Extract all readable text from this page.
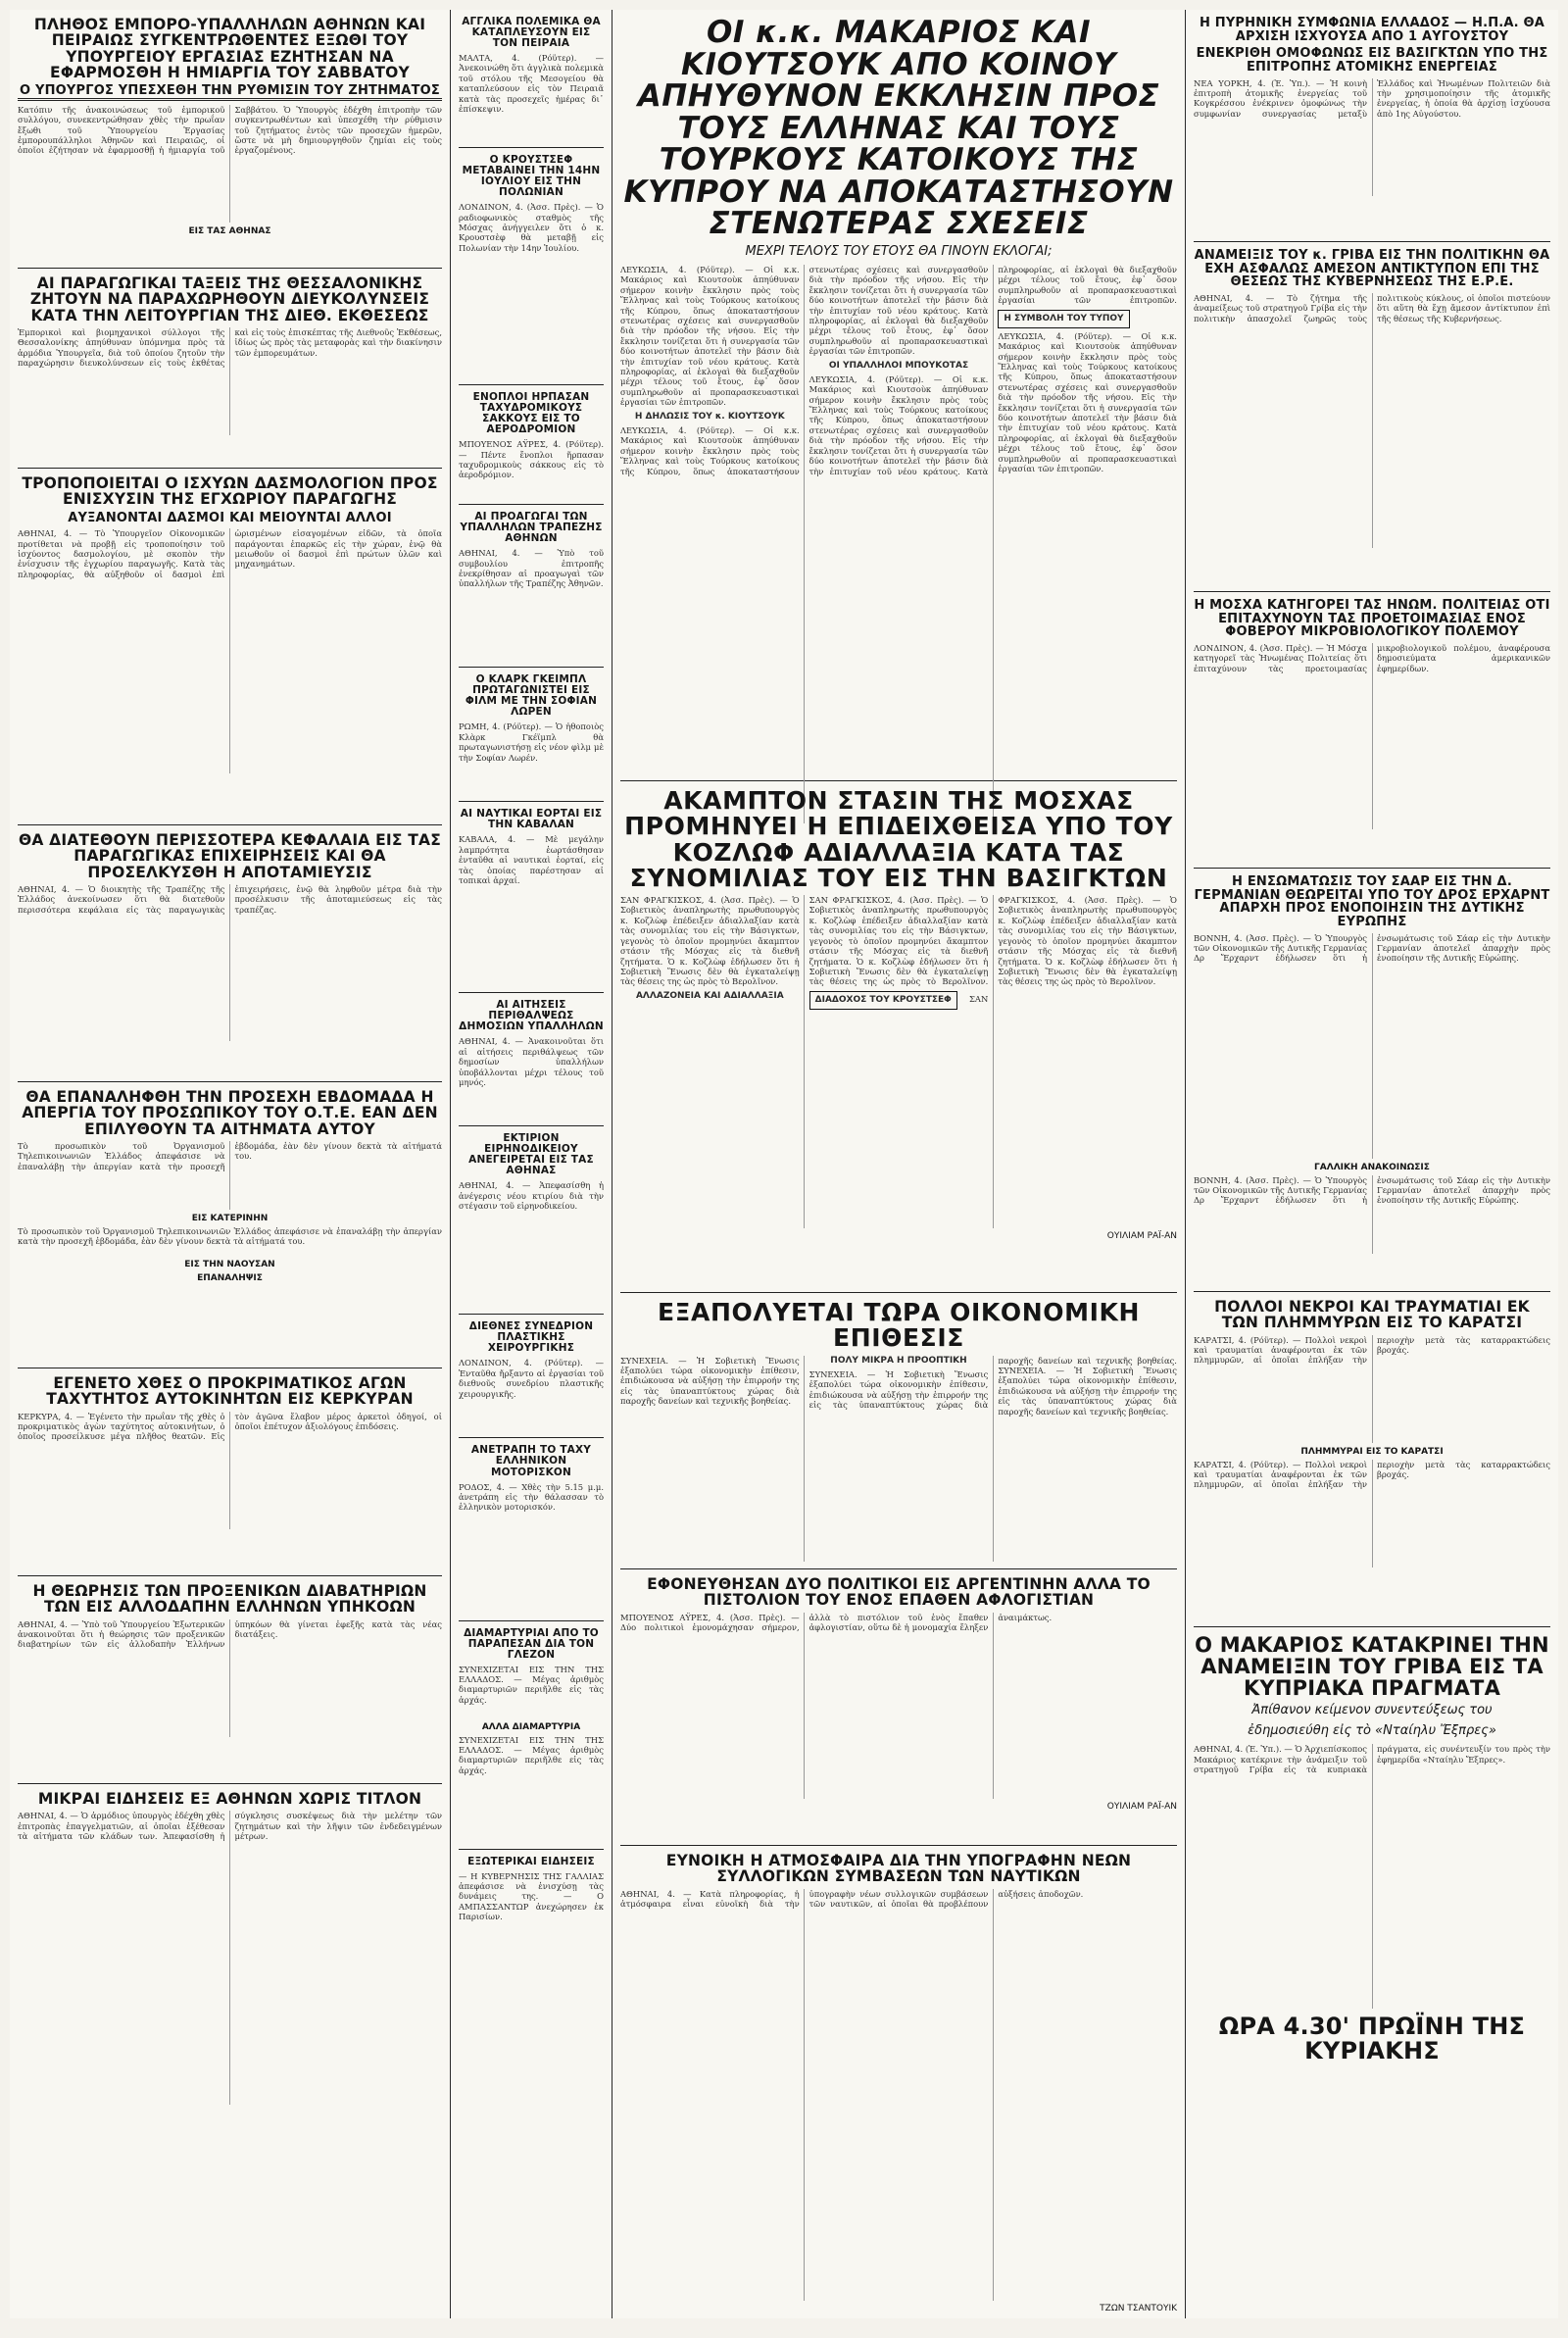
ΠΛΗΘΟΣ ΕΜΠΟΡΟ-ΥΠΑΛΛΗΛΩΝ ΑΘΗΝΩΝ ΚΑΙ ΠΕΙΡΑΙΩΣ ΣΥΓΚΕΝΤΡΩΘΕΝΤΕΣ ΕΞΩΘΙ ΤΟΥ ΥΠΟΥΡΓΕΙΟΥ ΕΡΓΑΣΙΑΣ ΕΖΗΤΗΣΑΝ ΝΑ ΕΦΑΡΜΟΣΘΗ Η ΗΜΙΑΡΓΙΑ ΤΟΥ ΣΑΒΒΑΤΟΥ
Ο ΥΠΟΥΡΓΟΣ ΥΠΕΣΧΕΘΗ ΤΗΝ ΡΥΘΜΙΣΙΝ ΤΟΥ ΖΗΤΗΜΑΤΟΣ
Κατόπιν τῆς ἀνακοινώσεως τοῦ ἐμπορικοῦ συλλόγου, συνεκεντρώθησαν χθὲς τὴν πρωΐαν ἔξωθι τοῦ Ὑπουργείου Ἐργασίας ἐμπορουπάλληλοι Ἀθηνῶν καὶ Πειραιῶς, οἱ ὁποῖοι ἐζήτησαν νὰ ἐφαρμοσθῇ ἡ ἡμιαργία τοῦ Σαββάτου. Ὁ Ὑπουργὸς ἐδέχθη ἐπιτροπὴν τῶν συγκεντρωθέντων καὶ ὑπεσχέθη τὴν ρύθμισιν τοῦ ζητήματος ἐντὸς τῶν προσεχῶν ἡμερῶν, ὥστε νὰ μὴ δημιουργηθοῦν ζημίαι εἰς τοὺς ἐργαζομένους.
ΕΙΣ ΤΑΣ ΑΘΗΝΑΣ
ΑΙ ΠΑΡΑΓΩΓΙΚΑΙ ΤΑΞΕΙΣ ΤΗΣ ΘΕΣΣΑΛΟΝΙΚΗΣ ΖΗΤΟΥΝ ΝΑ ΠΑΡΑΧΩΡΗΘΟΥΝ ΔΙΕΥΚΟΛΥΝΣΕΙΣ ΚΑΤΑ ΤΗΝ ΛΕΙΤΟΥΡΓΙΑΝ ΤΗΣ ΔΙΕΘ. ΕΚΘΕΣΕΩΣ
Ἐμπορικοὶ καὶ βιομηχανικοὶ σύλλογοι τῆς Θεσσαλονίκης ἀπηύθυναν ὑπόμνημα πρὸς τὰ ἁρμόδια Ὑπουργεῖα, διὰ τοῦ ὁποίου ζητοῦν τὴν παραχώρησιν διευκολύνσεων εἰς τοὺς ἐκθέτας καὶ εἰς τοὺς ἐπισκέπτας τῆς Διεθνοῦς Ἐκθέσεως, ἰδίως ὡς πρὸς τὰς μεταφορὰς καὶ τὴν διακίνησιν τῶν ἐμπορευμάτων.
ΤΡΟΠΟΠΟΙΕΙΤΑΙ Ο ΙΣΧΥΩΝ ΔΑΣΜΟΛΟΓΙΟΝ ΠΡΟΣ ΕΝΙΣΧΥΣΙΝ ΤΗΣ ΕΓΧΩΡΙΟΥ ΠΑΡΑΓΩΓΗΣ
ΑΥΞΑΝΟΝΤΑΙ ΔΑΣΜΟΙ ΚΑΙ ΜΕΙΟΥΝΤΑΙ ΑΛΛΟΙ
ΑΘΗΝΑΙ, 4. — Τὸ Ὑπουργεῖον Οἰκονομικῶν προτίθεται νὰ προβῇ εἰς τροποποίησιν τοῦ ἰσχύοντος δασμολογίου, μὲ σκοπὸν τὴν ἐνίσχυσιν τῆς ἐγχωρίου παραγωγῆς. Κατὰ τὰς πληροφορίας, θὰ αὐξηθοῦν οἱ δασμοὶ ἐπὶ ὡρισμένων εἰσαγομένων εἰδῶν, τὰ ὁποῖα παράγονται ἐπαρκῶς εἰς τὴν χώραν, ἐνῷ θὰ μειωθοῦν οἱ δασμοὶ ἐπὶ πρώτων ὑλῶν καὶ μηχανημάτων.
ΘΑ ΔΙΑΤΕΘΟΥΝ ΠΕΡΙΣΣΟΤΕΡΑ ΚΕΦΑΛΑΙΑ ΕΙΣ ΤΑΣ ΠΑΡΑΓΩΓΙΚΑΣ ΕΠΙΧΕΙΡΗΣΕΙΣ ΚΑΙ ΘΑ ΠΡΟΣΕΛΚΥΣΘΗ Η ΑΠΟΤΑΜΙΕΥΣΙΣ
ΑΘΗΝΑΙ, 4. — Ὁ διοικητὴς τῆς Τραπέζης τῆς Ἑλλάδος ἀνεκοίνωσεν ὅτι θὰ διατεθοῦν περισσότερα κεφάλαια εἰς τὰς παραγωγικὰς ἐπιχειρήσεις, ἐνῷ θὰ ληφθοῦν μέτρα διὰ τὴν προσέλκυσιν τῆς ἀποταμιεύσεως εἰς τὰς τραπέζας.
ΘΑ ΕΠΑΝΑΛΗΦΘΗ ΤΗΝ ΠΡΟΣΕΧΗ ΕΒΔΟΜΑΔΑ Η ΑΠΕΡΓΙΑ ΤΟΥ ΠΡΟΣΩΠΙΚΟΥ ΤΟΥ Ο.Τ.Ε. ΕΑΝ ΔΕΝ ΕΠΙΛΥΘΟΥΝ ΤΑ ΑΙΤΗΜΑΤΑ ΑΥΤΟΥ
Τὸ προσωπικὸν τοῦ Ὀργανισμοῦ Τηλεπικοινωνιῶν Ἑλλάδος ἀπεφάσισε νὰ ἐπαναλάβῃ τὴν ἀπεργίαν κατὰ τὴν προσεχῆ ἑβδομάδα, ἐὰν δὲν γίνουν δεκτὰ τὰ αἰτήματά του.
ΕΙΣ ΚΑΤΕΡΙΝΗΝ
Τὸ προσωπικὸν τοῦ Ὀργανισμοῦ Τηλεπικοινωνιῶν Ἑλλάδος ἀπεφάσισε νὰ ἐπαναλάβῃ τὴν ἀπεργίαν κατὰ τὴν προσεχῆ ἑβδομάδα, ἐὰν δὲν γίνουν δεκτὰ τὰ αἰτήματά του.
ΕΙΣ ΤΗΝ ΝΑΟΥΣΑΝ
ΕΠΑΝΑΛΗΨΙΣ
ΕΓΕΝΕΤΟ ΧΘΕΣ Ο ΠΡΟΚΡΙΜΑΤΙΚΟΣ ΑΓΩΝ ΤΑΧΥΤΗΤΟΣ ΑΥΤΟΚΙΝΗΤΩΝ ΕΙΣ ΚΕΡΚΥΡΑΝ
ΚΕΡΚΥΡΑ, 4. — Ἐγένετο τὴν πρωΐαν τῆς χθὲς ὁ προκριματικὸς ἀγὼν ταχύτητος αὐτοκινήτων, ὁ ὁποῖος προσείλκυσε μέγα πλῆθος θεατῶν. Εἰς τὸν ἀγῶνα ἔλαβον μέρος ἀρκετοὶ ὁδηγοί, οἱ ὁποῖοι ἐπέτυχον ἀξιολόγους ἐπιδόσεις.
Η ΘΕΩΡΗΣΙΣ ΤΩΝ ΠΡΟΞΕΝΙΚΩΝ ΔΙΑΒΑΤΗΡΙΩΝ ΤΩΝ ΕΙΣ ΑΛΛΟΔΑΠΗΝ ΕΛΛΗΝΩΝ ΥΠΗΚΟΩΝ
ΑΘΗΝΑΙ, 4. — Ὑπὸ τοῦ Ὑπουργείου Ἐξωτερικῶν ἀνακοινοῦται ὅτι ἡ θεώρησις τῶν προξενικῶν διαβατηρίων τῶν εἰς ἀλλοδαπὴν Ἑλλήνων ὑπηκόων θὰ γίνεται ἐφεξῆς κατὰ τὰς νέας διατάξεις.
ΜΙΚΡΑΙ ΕΙΔΗΣΕΙΣ ΕΞ ΑΘΗΝΩΝ ΧΩΡΙΣ ΤΙΤΛΟΝ
ΑΘΗΝΑΙ, 4. — Ὁ ἀρμόδιος ὑπουργὸς ἐδέχθη χθὲς ἐπιτροπὰς ἐπαγγελματιῶν, αἱ ὁποῖαι ἐξέθεσαν τὰ αἰτήματα τῶν κλάδων των. Ἀπεφασίσθη ἡ σύγκλησις συσκέψεως διὰ τὴν μελέτην τῶν ζητημάτων καὶ τὴν λῆψιν τῶν ἐνδεδειγμένων μέτρων.
ΑΓΓΛΙΚΑ ΠΟΛΕΜΙΚΑ ΘΑ ΚΑΤΑΠΛΕΥΣΟΥΝ ΕΙΣ ΤΟΝ ΠΕΙΡΑΙΑ
ΜΑΛΤΑ, 4. (Ρόϋτερ). — Ἀνεκοινώθη ὅτι ἀγγλικὰ πολεμικὰ τοῦ στόλου τῆς Μεσογείου θὰ καταπλεύσουν εἰς τὸν Πειραιᾶ κατὰ τὰς προσεχεῖς ἡμέρας δι᾽ ἐπίσκεψιν.
Ο ΚΡΟΥΣΤΣΕΦ ΜΕΤΑΒΑΙΝΕΙ ΤΗΝ 14ΗΝ ΙΟΥΛΙΟΥ ΕΙΣ ΤΗΝ ΠΟΛΩΝΙΑΝ
ΛΟΝΔΙΝΟΝ, 4. (Ἀσσ. Πρὲς). — Ὁ ραδιοφωνικὸς σταθμὸς τῆς Μόσχας ἀνήγγειλεν ὅτι ὁ κ. Κρουστσὲφ θὰ μεταβῇ εἰς Πολωνίαν τὴν 14ην Ἰουλίου.
ΕΝΟΠΛΟΙ ΗΡΠΑΣΑΝ ΤΑΧΥΔΡΟΜΙΚΟΥΣ ΣΑΚΚΟΥΣ ΕΙΣ ΤΟ ΑΕΡΟΔΡΟΜΙΟΝ
ΜΠΟΥΕΝΟΣ ΑΫΡΕΣ, 4. (Ρόϋτερ). — Πέντε ἔνοπλοι ἥρπασαν ταχυδρομικοὺς σάκκους εἰς τὸ ἀεροδρόμιον.
ΑΙ ΠΡΟΑΓΩΓΑΙ ΤΩΝ ΥΠΑΛΛΗΛΩΝ ΤΡΑΠΕΖΗΣ ΑΘΗΝΩΝ
ΑΘΗΝΑΙ, 4. — Ὑπὸ τοῦ συμβουλίου ἐπιτροπῆς ἐνεκρίθησαν αἱ προαγωγαὶ τῶν ὑπαλλήλων τῆς Τραπέζης Ἀθηνῶν.
Ο ΚΛΑΡΚ ΓΚΕΙΜΠΛ ΠΡΩΤΑΓΩΝΙΣΤΕΙ ΕΙΣ ΦΙΛΜ ΜΕ ΤΗΝ ΣΟΦΙΑΝ ΛΩΡΕΝ
ΡΩΜΗ, 4. (Ρόϋτερ). — Ὁ ἠθοποιὸς Κλὰρκ Γκέϊμπλ θὰ πρωταγωνιστήσῃ εἰς νέον φὶλμ μὲ τὴν Σοφίαν Λωρέν.
ΑΙ ΝΑΥΤΙΚΑΙ ΕΟΡΤΑΙ ΕΙΣ ΤΗΝ ΚΑΒΑΛΑΝ
ΚΑΒΑΛΑ, 4. — Μὲ μεγάλην λαμπρότητα ἑωρτάσθησαν ἐνταῦθα αἱ ναυτικαὶ ἑορταί, εἰς τὰς ὁποίας παρέστησαν αἱ τοπικαὶ ἀρχαί.
ΑΙ ΑΙΤΗΣΕΙΣ ΠΕΡΙΘΑΛΨΕΩΣ ΔΗΜΟΣΙΩΝ ΥΠΑΛΛΗΛΩΝ
ΑΘΗΝΑΙ, 4. — Ἀνακοινοῦται ὅτι αἱ αἰτήσεις περιθάλψεως τῶν δημοσίων ὑπαλλήλων ὑποβάλλονται μέχρι τέλους τοῦ μηνός.
ΕΚΤΙΡΙΟΝ ΕΙΡΗΝΟΔΙΚΕΙΟΥ ΑΝΕΓΕΙΡΕΤΑΙ ΕΙΣ ΤΑΣ ΑΘΗΝΑΣ
ΑΘΗΝΑΙ, 4. — Ἀπεφασίσθη ἡ ἀνέγερσις νέου κτιρίου διὰ τὴν στέγασιν τοῦ εἰρηνοδικείου.
ΔΙΕΘΝΕΣ ΣΥΝΕΔΡΙΟΝ ΠΛΑΣΤΙΚΗΣ ΧΕΙΡΟΥΡΓΙΚΗΣ
ΛΟΝΔΙΝΟΝ, 4. (Ρόϋτερ). — Ἐνταῦθα ἤρξαντο αἱ ἐργασίαι τοῦ διεθνοῦς συνεδρίου πλαστικῆς χειρουργικῆς.
ΑΝΕΤΡΑΠΗ ΤΟ ΤΑΧΥ ΕΛΛΗΝΙΚΟΝ ΜΟΤΟΡΙΣΚΟΝ
ΡΟΔΟΣ, 4. — Χθὲς τὴν 5.15 μ.μ. ἀνετράπη εἰς τὴν θάλασσαν τὸ ἑλληνικὸν μοτορισκόν.
ΔΙΑΜΑΡΤΥΡΙΑΙ ΑΠΟ ΤΟ ΠΑΡΑΠΕΣΑΝ ΔΙΑ ΤΟΝ ΓΛΕΖΟΝ
ΣΥΝΕΧΙΖΕΤΑΙ ΕΙΣ ΤΗΝ ΤΗΣ ΕΛΛΑΔΟΣ. — Μέγας ἀριθμὸς διαμαρτυριῶν περιῆλθε εἰς τὰς ἀρχάς.
ΑΛΛΑ ΔΙΑΜΑΡΤΥΡΙΑ
ΣΥΝΕΧΙΖΕΤΑΙ ΕΙΣ ΤΗΝ ΤΗΣ ΕΛΛΑΔΟΣ. — Μέγας ἀριθμὸς διαμαρτυριῶν περιῆλθε εἰς τὰς ἀρχάς.
ΕΞΩΤΕΡΙΚΑΙ ΕΙΔΗΣΕΙΣ
— Η ΚΥΒΕΡΝΗΣΙΣ ΤΗΣ ΓΑΛΛΙΑΣ ἀπεφάσισε νὰ ἐνισχύσῃ τὰς δυνάμεις της. — Ο ΑΜΠΑΣΣΑΝΤΩΡ ἀνεχώρησεν ἐκ Παρισίων.
ΟΙ κ.κ. ΜΑΚΑΡΙΟΣ ΚΑΙ ΚΙΟΥΤΣΟΥΚ ΑΠΟ ΚΟΙΝΟΥ ΑΠΗΥΘΥΝΟΝ ΕΚΚΛΗΣΙΝ ΠΡΟΣ ΤΟΥΣ ΕΛΛΗΝΑΣ ΚΑΙ ΤΟΥΣ ΤΟΥΡΚΟΥΣ ΚΑΤΟΙΚΟΥΣ ΤΗΣ ΚΥΠΡΟΥ ΝΑ ΑΠΟΚΑΤΑΣΤΗΣΟΥΝ ΣΤΕΝΩΤΕΡΑΣ ΣΧΕΣΕΙΣ
ΜΕΧΡΙ ΤΕΛΟΥΣ ΤΟΥ ΕΤΟΥΣ ΘΑ ΓΙΝΟΥΝ ΕΚΛΟΓΑΙ;
ΛΕΥΚΩΣΙΑ, 4. (Ρόϋτερ). — Οἱ κ.κ. Μακάριος καὶ Κιουτσοὺκ ἀπηύθυναν σήμερον κοινὴν ἔκκλησιν πρὸς τοὺς Ἕλληνας καὶ τοὺς Τούρκους κατοίκους τῆς Κύπρου, ὅπως ἀποκαταστήσουν στενωτέρας σχέσεις καὶ συνεργασθοῦν διὰ τὴν πρόοδον τῆς νήσου. Εἰς τὴν ἔκκλησιν τονίζεται ὅτι ἡ συνεργασία τῶν δύο κοινοτήτων ἀποτελεῖ τὴν βάσιν διὰ τὴν ἐπιτυχίαν τοῦ νέου κράτους. Κατὰ πληροφορίας, αἱ ἐκλογαὶ θὰ διεξαχθοῦν μέχρι τέλους τοῦ ἔτους, ἐφ᾽ ὅσον συμπληρωθοῦν αἱ προπαρασκευαστικαὶ ἐργασίαι τῶν ἐπιτροπῶν.
Η ΔΗΛΩΣΙΣ ΤΟΥ κ. ΚΙΟΥΤΣΟΥΚ
ΛΕΥΚΩΣΙΑ, 4. (Ρόϋτερ). — Οἱ κ.κ. Μακάριος καὶ Κιουτσοὺκ ἀπηύθυναν σήμερον κοινὴν ἔκκλησιν πρὸς τοὺς Ἕλληνας καὶ τοὺς Τούρκους κατοίκους τῆς Κύπρου, ὅπως ἀποκαταστήσουν στενωτέρας σχέσεις καὶ συνεργασθοῦν διὰ τὴν πρόοδον τῆς νήσου. Εἰς τὴν ἔκκλησιν τονίζεται ὅτι ἡ συνεργασία τῶν δύο κοινοτήτων ἀποτελεῖ τὴν βάσιν διὰ τὴν ἐπιτυχίαν τοῦ νέου κράτους. Κατὰ πληροφορίας, αἱ ἐκλογαὶ θὰ διεξαχθοῦν μέχρι τέλους τοῦ ἔτους, ἐφ᾽ ὅσον συμπληρωθοῦν αἱ προπαρασκευαστικαὶ ἐργασίαι τῶν ἐπιτροπῶν.
ΟΙ ΥΠΑΛΛΗΛΟΙ ΜΠΟΥΚΟΤΑΣ
ΛΕΥΚΩΣΙΑ, 4. (Ρόϋτερ). — Οἱ κ.κ. Μακάριος καὶ Κιουτσοὺκ ἀπηύθυναν σήμερον κοινὴν ἔκκλησιν πρὸς τοὺς Ἕλληνας καὶ τοὺς Τούρκους κατοίκους τῆς Κύπρου, ὅπως ἀποκαταστήσουν στενωτέρας σχέσεις καὶ συνεργασθοῦν διὰ τὴν πρόοδον τῆς νήσου. Εἰς τὴν ἔκκλησιν τονίζεται ὅτι ἡ συνεργασία τῶν δύο κοινοτήτων ἀποτελεῖ τὴν βάσιν διὰ τὴν ἐπιτυχίαν τοῦ νέου κράτους. Κατὰ πληροφορίας, αἱ ἐκλογαὶ θὰ διεξαχθοῦν μέχρι τέλους τοῦ ἔτους, ἐφ᾽ ὅσον συμπληρωθοῦν αἱ προπαρασκευαστικαὶ ἐργασίαι τῶν ἐπιτροπῶν. Η ΣΥΜΒΟΛΗ ΤΟΥ ΤΥΠΟΥ ΛΕΥΚΩΣΙΑ, 4. (Ρόϋτερ). — Οἱ κ.κ. Μακάριος καὶ Κιουτσοὺκ ἀπηύθυναν σήμερον κοινὴν ἔκκλησιν πρὸς τοὺς Ἕλληνας καὶ τοὺς Τούρκους κατοίκους τῆς Κύπρου, ὅπως ἀποκαταστήσουν στενωτέρας σχέσεις καὶ συνεργασθοῦν διὰ τὴν πρόοδον τῆς νήσου. Εἰς τὴν ἔκκλησιν τονίζεται ὅτι ἡ συνεργασία τῶν δύο κοινοτήτων ἀποτελεῖ τὴν βάσιν διὰ τὴν ἐπιτυχίαν τοῦ νέου κράτους. Κατὰ πληροφορίας, αἱ ἐκλογαὶ θὰ διεξαχθοῦν μέχρι τέλους τοῦ ἔτους, ἐφ᾽ ὅσον συμπληρωθοῦν αἱ προπαρασκευαστικαὶ ἐργασίαι τῶν ἐπιτροπῶν.
ΑΚΑΜΠΤΟΝ ΣΤΑΣΙΝ ΤΗΣ ΜΟΣΧΑΣ ΠΡΟΜΗΝΥΕΙ Η ΕΠΙΔΕΙΧΘΕΙΣΑ ΥΠΟ ΤΟΥ ΚΟΖΛΩΦ ΑΔΙΑΛΛΑΞΙΑ ΚΑΤΑ ΤΑΣ ΣΥΝΟΜΙΛΙΑΣ ΤΟΥ ΕΙΣ ΤΗΝ ΒΑΣΙΓΚΤΩΝ
ΣΑΝ ΦΡΑΓΚΙΣΚΟΣ, 4. (Ἀσσ. Πρὲς). — Ὁ Σοβιετικὸς ἀναπληρωτὴς πρωθυπουργὸς κ. Κοζλὼφ ἐπέδειξεν ἀδιαλλαξίαν κατὰ τὰς συνομιλίας του εἰς τὴν Βάσιγκτων, γεγονὸς τὸ ὁποῖον προμηνύει ἄκαμπτον στάσιν τῆς Μόσχας εἰς τὰ διεθνῆ ζητήματα. Ὁ κ. Κοζλὼφ ἐδήλωσεν ὅτι ἡ Σοβιετικὴ Ἕνωσις δὲν θὰ ἐγκαταλείψῃ τὰς θέσεις της ὡς πρὸς τὸ Βερολῖνον.
ΑΛΛΑΖΟΝΕΙΑ ΚΑΙ ΑΔΙΑΛΛΑΞΙΑ
ΣΑΝ ΦΡΑΓΚΙΣΚΟΣ, 4. (Ἀσσ. Πρὲς). — Ὁ Σοβιετικὸς ἀναπληρωτὴς πρωθυπουργὸς κ. Κοζλὼφ ἐπέδειξεν ἀδιαλλαξίαν κατὰ τὰς συνομιλίας του εἰς τὴν Βάσιγκτων, γεγονὸς τὸ ὁποῖον προμηνύει ἄκαμπτον στάσιν τῆς Μόσχας εἰς τὰ διεθνῆ ζητήματα. Ὁ κ. Κοζλὼφ ἐδήλωσεν ὅτι ἡ Σοβιετικὴ Ἕνωσις δὲν θὰ ἐγκαταλείψῃ τὰς θέσεις της ὡς πρὸς τὸ Βερολῖνον. ΔΙΑΔΟΧΟΣ ΤΟΥ ΚΡΟΥΣΤΣΕΦ ΣΑΝ ΦΡΑΓΚΙΣΚΟΣ, 4. (Ἀσσ. Πρὲς). — Ὁ Σοβιετικὸς ἀναπληρωτὴς πρωθυπουργὸς κ. Κοζλὼφ ἐπέδειξεν ἀδιαλλαξίαν κατὰ τὰς συνομιλίας του εἰς τὴν Βάσιγκτων, γεγονὸς τὸ ὁποῖον προμηνύει ἄκαμπτον στάσιν τῆς Μόσχας εἰς τὰ διεθνῆ ζητήματα. Ὁ κ. Κοζλὼφ ἐδήλωσεν ὅτι ἡ Σοβιετικὴ Ἕνωσις δὲν θὰ ἐγκαταλείψῃ τὰς θέσεις της ὡς πρὸς τὸ Βερολῖνον.
ΟΥΙΛΙΑΜ ΡΑΪ-ΑΝ
ΕΞΑΠΟΛΥΕΤΑΙ ΤΩΡΑ ΟΙΚΟΝΟΜΙΚΗ ΕΠΙΘΕΣΙΣ
ΣΥΝΕΧΕΙΑ. — Ἡ Σοβιετικὴ Ἕνωσις ἐξαπολύει τώρα οἰκονομικὴν ἐπίθεσιν, ἐπιδιώκουσα νὰ αὐξήσῃ τὴν ἐπιρροήν της εἰς τὰς ὑπαναπτύκτους χώρας διὰ παροχῆς δανείων καὶ τεχνικῆς βοηθείας.
ΠΟΛΥ ΜΙΚΡΑ Η ΠΡΟΟΠΤΙΚΗ
ΣΥΝΕΧΕΙΑ. — Ἡ Σοβιετικὴ Ἕνωσις ἐξαπολύει τώρα οἰκονομικὴν ἐπίθεσιν, ἐπιδιώκουσα νὰ αὐξήσῃ τὴν ἐπιρροήν της εἰς τὰς ὑπαναπτύκτους χώρας διὰ παροχῆς δανείων καὶ τεχνικῆς βοηθείας. ΣΥΝΕΧΕΙΑ. — Ἡ Σοβιετικὴ Ἕνωσις ἐξαπολύει τώρα οἰκονομικὴν ἐπίθεσιν, ἐπιδιώκουσα νὰ αὐξήσῃ τὴν ἐπιρροήν της εἰς τὰς ὑπαναπτύκτους χώρας διὰ παροχῆς δανείων καὶ τεχνικῆς βοηθείας.
ΕΦΟΝΕΥΘΗΣΑΝ ΔΥΟ ΠΟΛΙΤΙΚΟΙ ΕΙΣ ΑΡΓΕΝΤΙΝΗΝ ΑΛΛΑ ΤΟ ΠΙΣΤΟΛΙΟΝ ΤΟΥ ΕΝΟΣ ΕΠΑΘΕΝ ΑΦΛΟΓΙΣΤΙΑΝ
ΜΠΟΥΕΝΟΣ ΑΫΡΕΣ, 4. (Ἀσσ. Πρὲς). — Δύο πολιτικοὶ ἐμονομάχησαν σήμερον, ἀλλὰ τὸ πιστόλιον τοῦ ἑνὸς ἔπαθεν ἀφλογιστίαν, οὕτω δὲ ἡ μονομαχία ἔληξεν ἀναιμάκτως.
ΟΥΙΛΙΑΜ ΡΑΪ-ΑΝ
ΕΥΝΟΙΚΗ Η ΑΤΜΟΣΦΑΙΡΑ ΔΙΑ ΤΗΝ ΥΠΟΓΡΑΦΗΝ ΝΕΩΝ ΣΥΛΛΟΓΙΚΩΝ ΣΥΜΒΑΣΕΩΝ ΤΩΝ ΝΑΥΤΙΚΩΝ
ΑΘΗΝΑΙ, 4. — Κατὰ πληροφορίας, ἡ ἀτμόσφαιρα εἶναι εὐνοϊκὴ διὰ τὴν ὑπογραφὴν νέων συλλογικῶν συμβάσεων τῶν ναυτικῶν, αἱ ὁποῖαι θὰ προβλέπουν αὐξήσεις ἀποδοχῶν.
ΤΖΩΝ ΤΣΑΝΤΟΥΙΚ
Η ΠΥΡΗΝΙΚΗ ΣΥΜΦΩΝΙΑ ΕΛΛΑΔΟΣ — Η.Π.Α. ΘΑ ΑΡΧΙΣΗ ΙΣΧΥΟΥΣΑ ΑΠΟ 1 ΑΥΓΟΥΣΤΟΥ
ΕΝΕΚΡΙΘΗ ΟΜΟΦΩΝΩΣ ΕΙΣ ΒΑΣΙΓΚΤΩΝ ΥΠΟ ΤΗΣ ΕΠΙΤΡΟΠΗΣ ΑΤΟΜΙΚΗΣ ΕΝΕΡΓΕΙΑΣ
ΝΕΑ ΥΟΡΚΗ, 4. (Ἑ. Ὑπ.). — Ἡ κοινὴ ἐπιτροπὴ ἀτομικῆς ἐνεργείας τοῦ Κογκρέσσου ἐνέκρινεν ὁμοφώνως τὴν συμφωνίαν συνεργασίας μεταξὺ Ἑλλάδος καὶ Ἡνωμένων Πολιτειῶν διὰ τὴν χρησιμοποίησιν τῆς ἀτομικῆς ἐνεργείας, ἡ ὁποία θὰ ἀρχίσῃ ἰσχύουσα ἀπὸ 1ης Αὐγούστου.
ΑΝΑΜΕΙΞΙΣ ΤΟΥ κ. ΓΡΙΒΑ ΕΙΣ ΤΗΝ ΠΟΛΙΤΙΚΗΝ ΘΑ ΕΧΗ ΑΣΦΑΛΩΣ ΑΜΕΣΟΝ ΑΝΤΙΚΤΥΠΟΝ ΕΠΙ ΤΗΣ ΘΕΣΕΩΣ ΤΗΣ ΚΥΒΕΡΝΗΣΕΩΣ ΤΗΣ Ε.Ρ.Ε.
ΑΘΗΝΑΙ, 4. — Τὸ ζήτημα τῆς ἀναμείξεως τοῦ στρατηγοῦ Γρίβα εἰς τὴν πολιτικὴν ἀπασχολεῖ ζωηρῶς τοὺς πολιτικοὺς κύκλους, οἱ ὁποῖοι πιστεύουν ὅτι αὕτη θὰ ἔχῃ ἄμεσον ἀντίκτυπον ἐπὶ τῆς θέσεως τῆς Κυβερνήσεως.
Η ΜΟΣΧΑ ΚΑΤΗΓΟΡΕΙ ΤΑΣ ΗΝΩΜ. ΠΟΛΙΤΕΙΑΣ ΟΤΙ ΕΠΙΤΑΧΥΝΟΥΝ ΤΑΣ ΠΡΟΕΤΟΙΜΑΣΙΑΣ ΕΝΟΣ ΦΟΒΕΡΟΥ ΜΙΚΡΟΒΙΟΛΟΓΙΚΟΥ ΠΟΛΕΜΟΥ
ΛΟΝΔΙΝΟΝ, 4. (Ἀσσ. Πρὲς). — Ἡ Μόσχα κατηγορεῖ τὰς Ἡνωμένας Πολιτείας ὅτι ἐπιταχύνουν τὰς προετοιμασίας μικροβιολογικοῦ πολέμου, ἀναφέρουσα δημοσιεύματα ἀμερικανικῶν ἐφημερίδων.
Η ΕΝΣΩΜΑΤΩΣΙΣ ΤΟΥ ΣΑΑΡ ΕΙΣ ΤΗΝ Δ. ΓΕΡΜΑΝΙΑΝ ΘΕΩΡΕΙΤΑΙ ΥΠΟ ΤΟΥ ΔΡΟΣ ΕΡΧΑΡΝΤ ΑΠΑΡΧΗ ΠΡΟΣ ΕΝΟΠΟΙΗΣΙΝ ΤΗΣ ΔΥΤΙΚΗΣ ΕΥΡΩΠΗΣ
ΒΟΝΝΗ, 4. (Ἀσσ. Πρὲς). — Ὁ Ὑπουργὸς τῶν Οἰκονομικῶν τῆς Δυτικῆς Γερμανίας Δρ Ἔρχαρντ ἐδήλωσεν ὅτι ἡ ἐνσωμάτωσις τοῦ Σάαρ εἰς τὴν Δυτικὴν Γερμανίαν ἀποτελεῖ ἀπαρχὴν πρὸς ἑνοποίησιν τῆς Δυτικῆς Εὐρώπης.
ΓΑΛΛΙΚΗ ΑΝΑΚΟΙΝΩΣΙΣ
ΒΟΝΝΗ, 4. (Ἀσσ. Πρὲς). — Ὁ Ὑπουργὸς τῶν Οἰκονομικῶν τῆς Δυτικῆς Γερμανίας Δρ Ἔρχαρντ ἐδήλωσεν ὅτι ἡ ἐνσωμάτωσις τοῦ Σάαρ εἰς τὴν Δυτικὴν Γερμανίαν ἀποτελεῖ ἀπαρχὴν πρὸς ἑνοποίησιν τῆς Δυτικῆς Εὐρώπης.
ΠΟΛΛΟΙ ΝΕΚΡΟΙ ΚΑΙ ΤΡΑΥΜΑΤΙΑΙ ΕΚ ΤΩΝ ΠΛΗΜΜΥΡΩΝ ΕΙΣ ΤΟ ΚΑΡΑΤΣΙ
ΚΑΡΑΤΣΙ, 4. (Ρόϋτερ). — Πολλοὶ νεκροὶ καὶ τραυματίαι ἀναφέρονται ἐκ τῶν πλημμυρῶν, αἱ ὁποῖαι ἐπλήξαν τὴν περιοχὴν μετὰ τὰς καταρρακτώδεις βροχάς.
ΠΛΗΜΜΥΡΑΙ ΕΙΣ ΤΟ ΚΑΡΑΤΣΙ
ΚΑΡΑΤΣΙ, 4. (Ρόϋτερ). — Πολλοὶ νεκροὶ καὶ τραυματίαι ἀναφέρονται ἐκ τῶν πλημμυρῶν, αἱ ὁποῖαι ἐπλήξαν τὴν περιοχὴν μετὰ τὰς καταρρακτώδεις βροχάς.
Ο ΜΑΚΑΡΙΟΣ ΚΑΤΑΚΡΙΝΕΙ ΤΗΝ ΑΝΑΜΕΙΞΙΝ ΤΟΥ ΓΡΙΒΑ ΕΙΣ ΤΑ ΚΥΠΡΙΑΚΑ ΠΡΑΓΜΑΤΑ
Ἀπίθανον κείμενον συνεντεύξεως του
ἐδημοσιεύθη εἰς τὸ «Νταίηλυ Ἔξπρες»
ΑΘΗΝΑΙ, 4. (Ἑ. Ὑπ.). — Ὁ Ἀρχιεπίσκοπος Μακάριος κατέκρινε τὴν ἀνάμειξιν τοῦ στρατηγοῦ Γρίβα εἰς τὰ κυπριακὰ πράγματα, εἰς συνέντευξίν του πρὸς τὴν ἐφημερίδα «Νταίηλυ Ἔξπρες».
ΩΡΑ 4.30' ΠΡΩΪΝΗ ΤΗΣ ΚΥΡΙΑΚΗΣ
